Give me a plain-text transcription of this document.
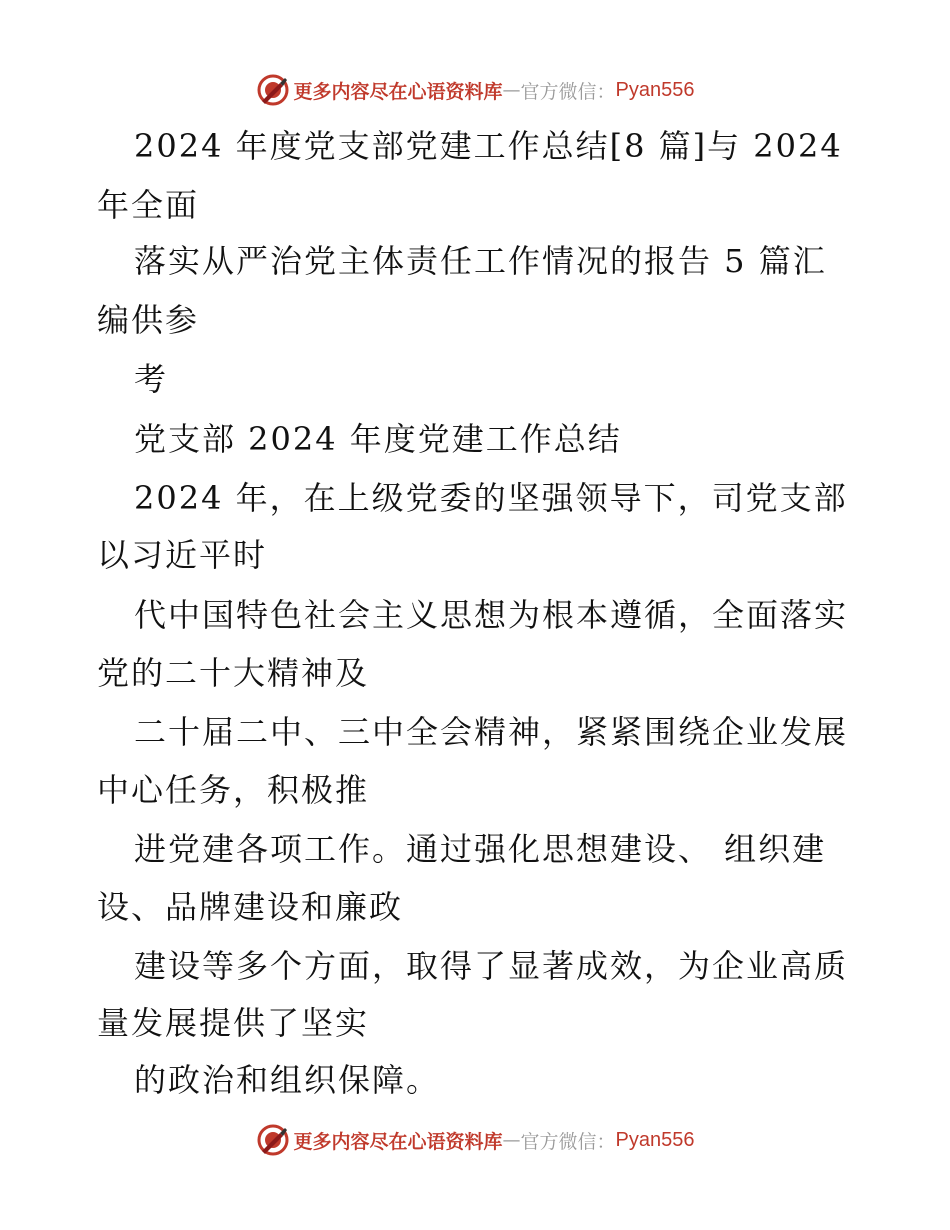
更多内容尽在心语资料库 — 官方微信： Pyan556
2024 年度党支部党建工作总结[8 篇]与 2024
年全面
落实从严治党主体责任工作情况的报告 5 篇汇
编供参
考
党支部 2024 年度党建工作总结
2024 年，在上级党委的坚强领导下，司党支部
以习近平时
代中国特色社会主义思想为根本遵循，全面落实
党的二十大精神及
二十届二中、三中全会精神，紧紧围绕企业发展
中心任务，积极推
进党建各项工作。通过强化思想建设、 组织建
设、品牌建设和廉政
建设等多个方面，取得了显著成效，为企业高质
量发展提供了坚实
的政治和组织保障。
更多内容尽在心语资料库 — 官方微信： Pyan556
